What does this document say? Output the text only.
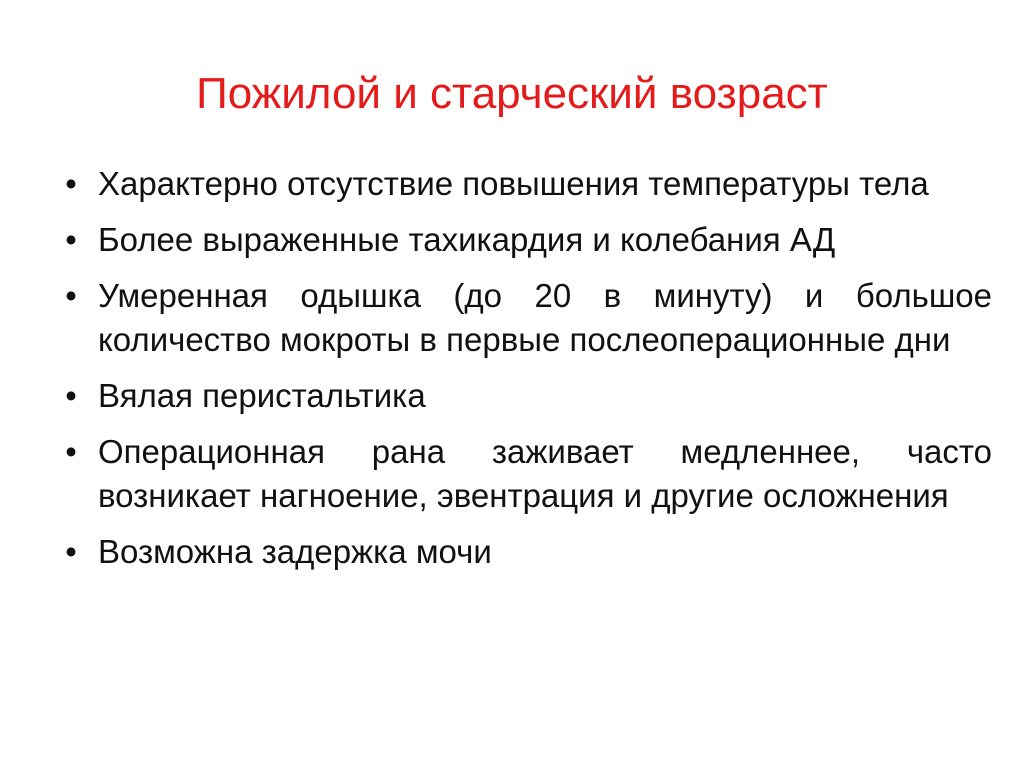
Пожилой и старческий возраст
• Характерно отсутствие повышения температуры тела
• Более выраженные тахикардия и колебания АД
• Умеренная одышка (до 20 в минуту) и большое количество мокроты в первые послеоперационные дни
• Вялая перистальтика
• Операционная рана заживает медленнее, часто возникает нагноение, эвентрация и другие осложнения
• Возможна задержка мочи
